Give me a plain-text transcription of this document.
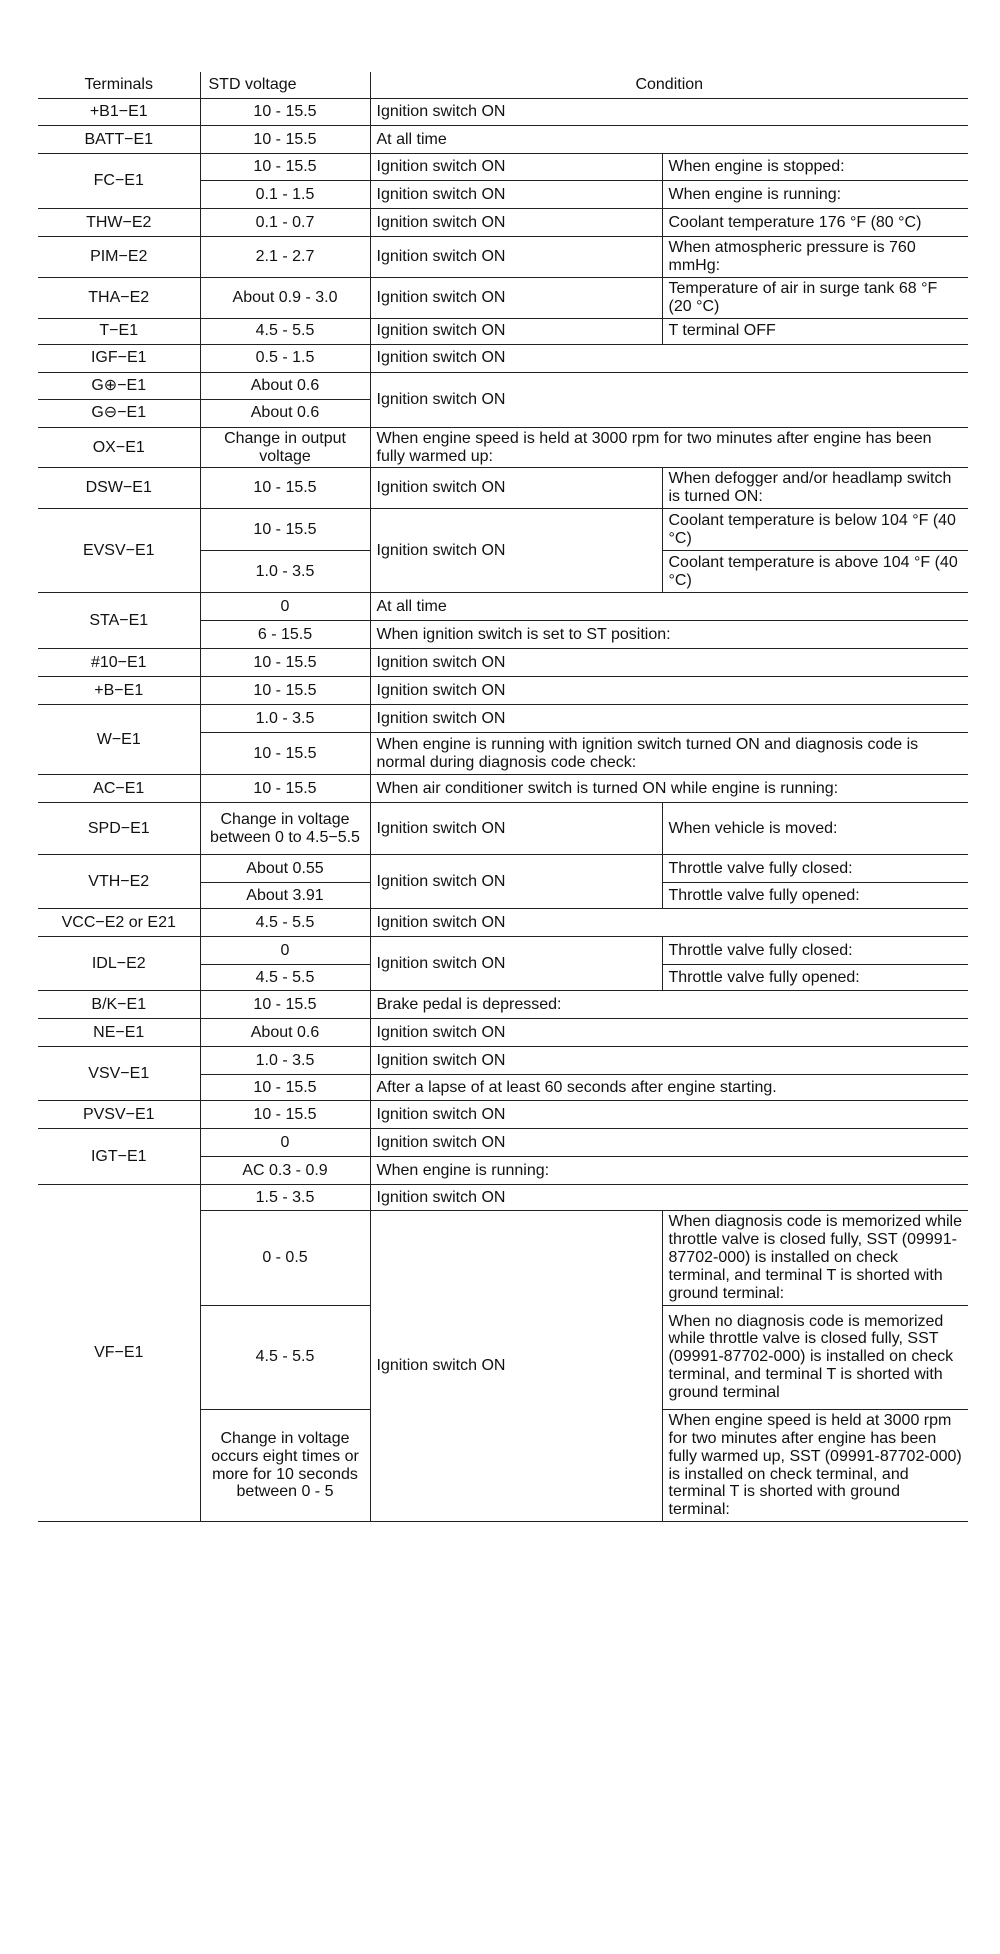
Terminals	STD voltage	Condition	
+B1−E1	10 - 15.5	Ignition switch ON	
BATT−E1	10 - 15.5	At all time	
FC−E1	10 - 15.5	Ignition switch ON	When engine is stopped:
	0.1 - 1.5	Ignition switch ON	When engine is running:
THW−E2	0.1 - 0.7	Ignition switch ON	Coolant temperature 176 °F (80 °C)
PIM−E2	2.1 - 2.7	Ignition switch ON	When atmospheric pressure is 760 mmHg:
THA−E2	About 0.9 - 3.0	Ignition switch ON	Temperature of air in surge tank 68 °F (20 °C)
T−E1	4.5 - 5.5	Ignition switch ON	T terminal OFF
IGF−E1	0.5 - 1.5	Ignition switch ON	
G⊕−E1	About 0.6	Ignition switch ON	
G⊖−E1	About 0.6		
OX−E1	Change in output voltage	When engine speed is held at 3000 rpm for two minutes after engine has been fully warmed up:	
DSW−E1	10 - 15.5	Ignition switch ON	When defogger and/or headlamp switch is turned ON:
EVSV−E1	10 - 15.5	Ignition switch ON	Coolant temperature is below 104 °F (40 °C)
	1.0 - 3.5		Coolant temperature is above 104 °F (40 °C)
STA−E1	0	At all time	
	6 - 15.5	When ignition switch is set to ST position:	
#10−E1	10 - 15.5	Ignition switch ON	
+B−E1	10 - 15.5	Ignition switch ON	
W−E1	1.0 - 3.5	Ignition switch ON	
	10 - 15.5	When engine is running with ignition switch turned ON and diagnosis code is normal during diagnosis code check:	
AC−E1	10 - 15.5	When air conditioner switch is turned ON while engine is running:	
SPD−E1	Change in voltage between 0 to 4.5−5.5	Ignition switch ON	When vehicle is moved:
VTH−E2	About 0.55	Ignition switch ON	Throttle valve fully closed:
	About 3.91		Throttle valve fully opened:
VCC−E2 or E21	4.5 - 5.5	Ignition switch ON	
IDL−E2	0	Ignition switch ON	Throttle valve fully closed:
	4.5 - 5.5		Throttle valve fully opened:
B/K−E1	10 - 15.5	Brake pedal is depressed:	
NE−E1	About 0.6	Ignition switch ON	
VSV−E1	1.0 - 3.5	Ignition switch ON	
	10 - 15.5	After a lapse of at least 60 seconds after engine starting.	
PVSV−E1	10 - 15.5	Ignition switch ON	
IGT−E1	0	Ignition switch ON	
	AC 0.3 - 0.9	When engine is running:	
VF−E1	1.5 - 3.5	Ignition switch ON	
	0 - 0.5	Ignition switch ON	When diagnosis code is memorized while throttle valve is closed fully, SST (09991-87702-000) is installed on check terminal, and terminal T is shorted with ground terminal:
	4.5 - 5.5		When no diagnosis code is memorized while throttle valve is closed fully, SST (09991-87702-000) is installed on check terminal, and terminal T is shorted with ground terminal
	Change in voltage occurs eight times or more for 10 seconds between 0 - 5		When engine speed is held at 3000 rpm for two minutes after engine has been fully warmed up, SST (09991-87702-000) is installed on check terminal, and terminal T is shorted with ground terminal:
